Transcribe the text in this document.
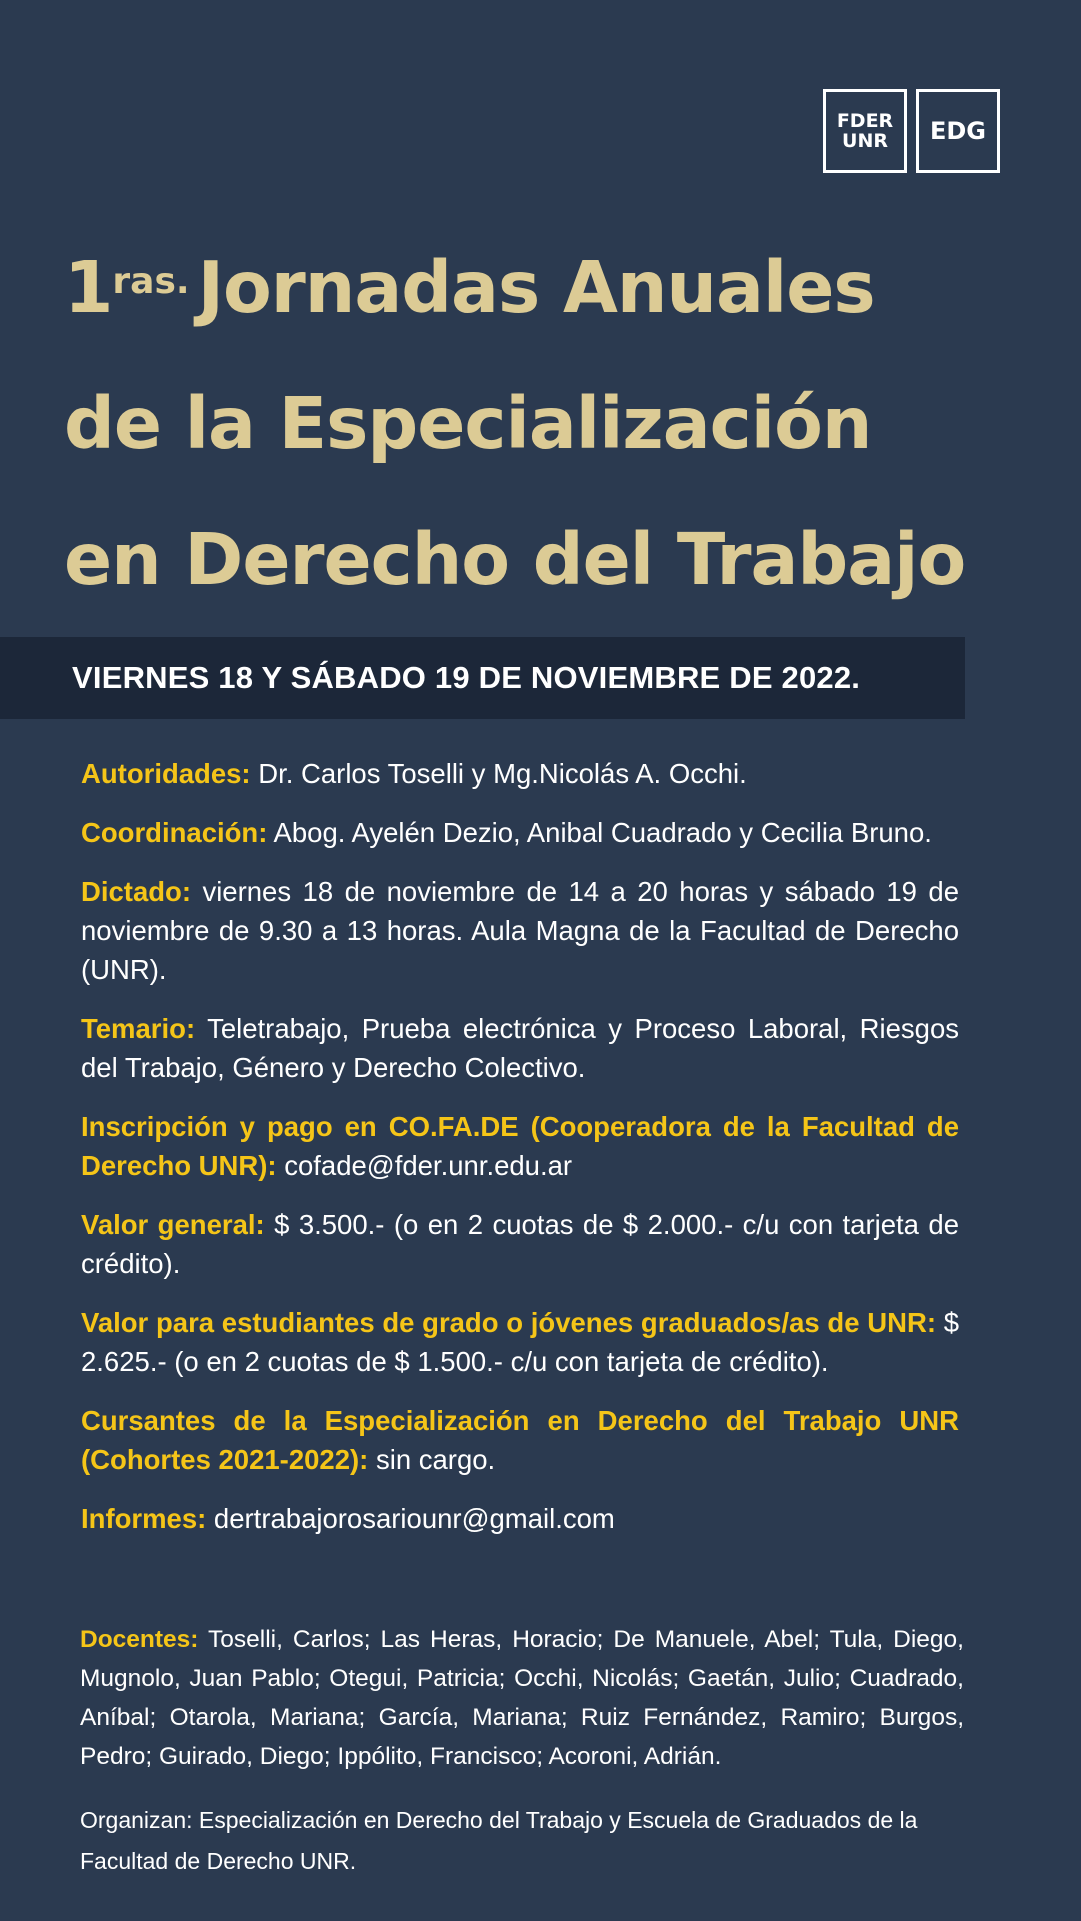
FDER
UNR EDG
$1^{ras.}$ Jornadas Anuales
de la Especialización
en Derecho del Trabajo
VIERNES 18 Y SÁBADO 19 DE NOVIEMBRE DE 2022.
Autoridades: Dr. Carlos Toselli y Mg.Nicolás A. Occhi.
Coordinación: Abog. Ayelén Dezio, Anibal Cuadrado y Cecilia Bruno.
Dictado: viernes 18 de noviembre de 14 a 20 horas y sábado 19 de noviembre de 9.30 a 13 horas. Aula Magna de la Facultad de Derecho (UNR).
Temario: Teletrabajo, Prueba electrónica y Proceso Laboral, Riesgos del Trabajo, Género y Derecho Colectivo.
Inscripción y pago en CO.FA.DE (Cooperadora de la Facultad de Derecho UNR): cofade@fder.unr.edu.ar
Valor general: $ 3.500.- (o en 2 cuotas de $ 2.000.- c/u con tarjeta de crédito).
Valor para estudiantes de grado o jóvenes graduados/as de UNR: $ 2.625.- (o en 2 cuotas de $ 1.500.- c/u con tarjeta de crédito).
Cursantes de la Especialización en Derecho del Trabajo UNR (Cohortes 2021-2022): sin cargo.
Informes: dertrabajorosariounr@gmail.com
Docentes: Toselli, Carlos; Las Heras, Horacio; De Manuele, Abel; Tula, Diego, Mugnolo, Juan Pablo; Otegui, Patricia; Occhi, Nicolás; Gaetán, Julio; Cuadrado, Aníbal; Otarola, Mariana; García, Mariana; Ruiz Fernández, Ramiro; Burgos, Pedro; Guirado, Diego; Ippólito, Francisco; Acoroni, Adrián.
Organizan: Especialización en Derecho del Trabajo y Escuela de Graduados de la Facultad de Derecho UNR.
